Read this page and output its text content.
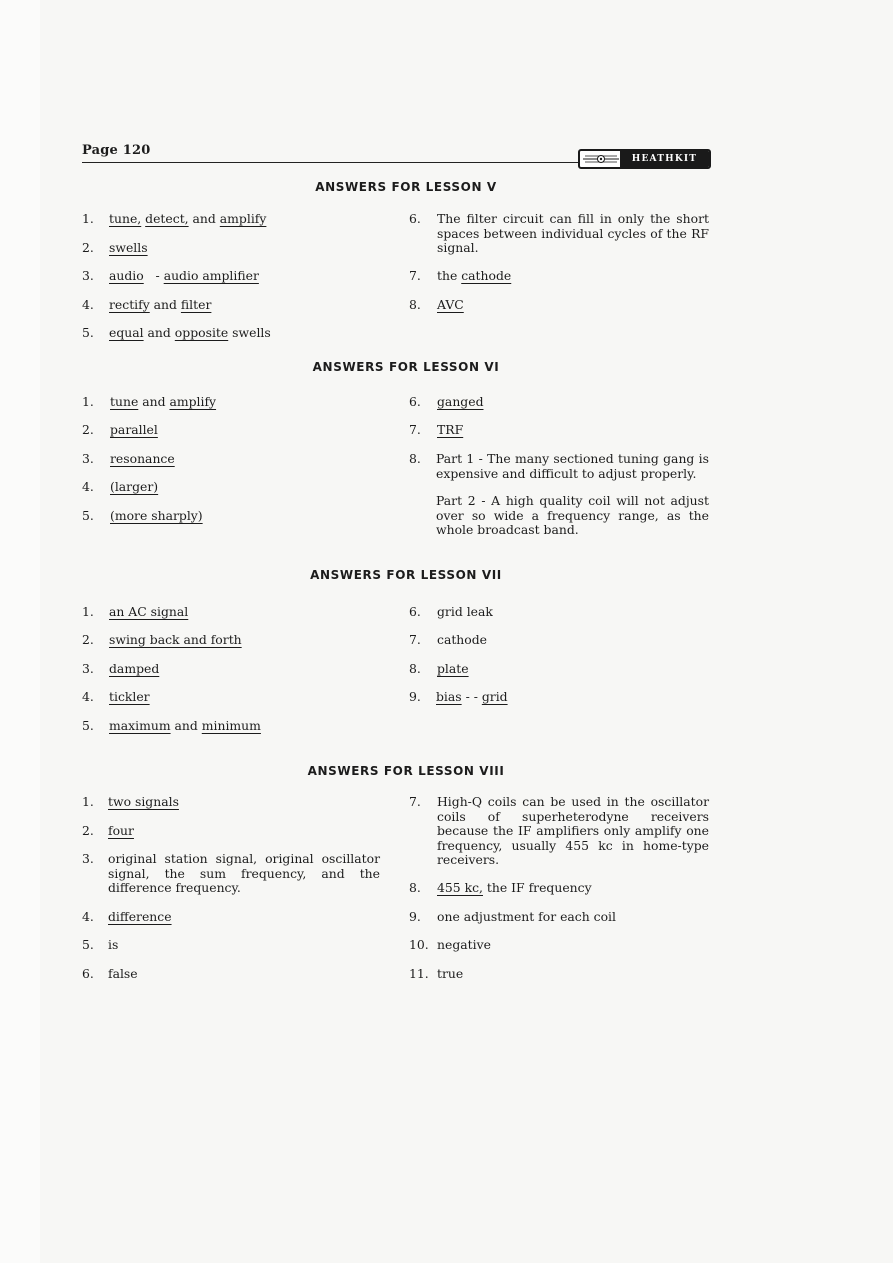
Page 120
HEATHKIT
ANSWERS FOR LESSON V
1.	tune, detect, and amplify
2.	swells
3.	audio   - audio amplifier
4.	rectify and filter
5.	equal and opposite swells
6.	The filter circuit can fill in only the short spaces between individual cycles of the RF signal.
7.	the cathode
8.	AVC
ANSWERS FOR LESSON VI
1.	tune and amplify
2.	parallel
3.	resonance
4.	(larger)
5.	(more sharply)
6.	ganged
7.	TRF
8.	Part 1 - The many sectioned tuning gang is expensive and difficult to adjust properly.
Part 2 - A high quality coil will not adjust over so wide a frequency range, as the whole broadcast band.
ANSWERS FOR LESSON VII
1.	an AC signal
2.	swing back and forth
3.	damped
4.	tickler
5.	maximum and minimum
6.	grid leak
7.	cathode
8.	plate
9.	bias - - grid
ANSWERS FOR LESSON VIII
1.	two signals
2.	four
3.	original station signal, original oscillator signal, the sum frequency, and the difference frequency.
4.	difference
5.	is
6.	false
7.	High-Q coils can be used in the oscillator coils of superheterodyne receivers because the IF amplifiers only amplify one frequency, usually 455 kc in home-type receivers.
8.	455 kc, the IF frequency
9.	one adjustment for each coil
10. negative
11. true
